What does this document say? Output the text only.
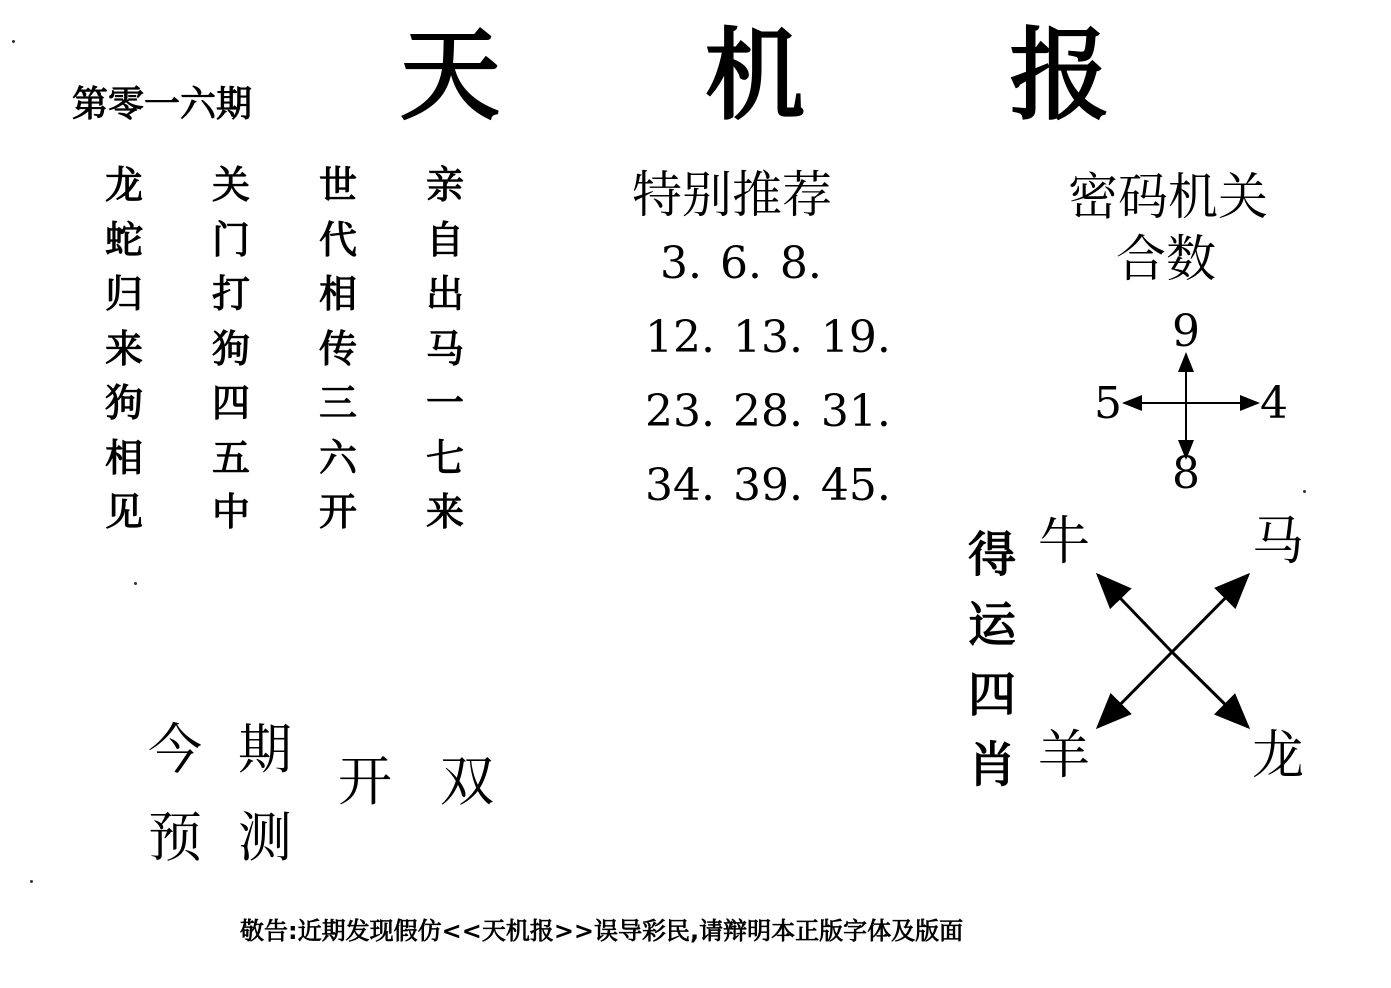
第零一六期 天 机 报
龙	关	世	亲
蛇	门	代	自
归	打	相	出
来	狗	传	马
狗	四	三	一
相	五	六	七
见	中	开	来
特别推荐
3. 6. 8.
12. 13. 19.
23. 28. 31.
34. 39. 45.
密码机关
合数
9
5	4
8
得
运
四
肖
牛	马
羊	龙
今 期
预 测
开 双
敬告:近期发现假仿<<天机报>>误导彩民,请辩明本正版字体及版面
